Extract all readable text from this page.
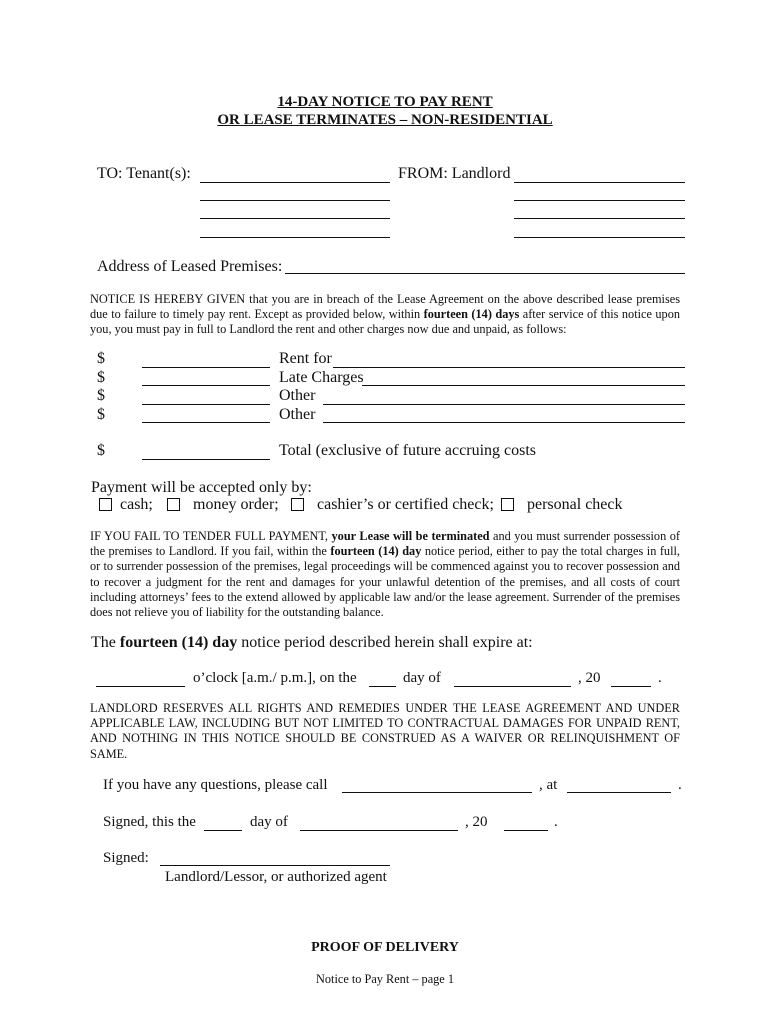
14-DAY NOTICE TO PAY RENT
OR LEASE TERMINATES – NON-RESIDENTIAL
TO: Tenant(s):	FROM: Landlord
Address of Leased Premises:
NOTICE IS HEREBY GIVEN that you are in breach of the Lease Agreement on the above described lease premises due to failure to timely pay rent. Except as provided below, within fourteen (14) days after service of this notice upon you, you must pay in full to Landlord the rent and other charges now due and unpaid, as follows:
$	Rent for
$	Late Charges
$	Other
$	Other
$	Total (exclusive of future accruing costs
Payment will be accepted only by:
cash;	money order; cashier’s or certified check; personal check
IF YOU FAIL TO TENDER FULL PAYMENT, your Lease will be terminated and you must surrender possession of the premises to Landlord. If you fail, within the fourteen (14) day notice period, either to pay the total charges in full, or to surrender possession of the premises, legal proceedings will be commenced against you to recover possession and to recover a judgment for the rent and damages for your unlawful detention of the premises, and all costs of court including attorneys’ fees to the extend allowed by applicable law and/or the lease agreement. Surrender of the premises does not relieve you of liability for the outstanding balance.
The fourteen (14) day notice period described herein shall expire at:
o’clock [a.m./ p.m.], on the	day of	, 20	.
LANDLORD RESERVES ALL RIGHTS AND REMEDIES UNDER THE LEASE AGREEMENT AND UNDER APPLICABLE LAW, INCLUDING BUT NOT LIMITED TO CONTRACTUAL DAMAGES FOR UNPAID RENT, AND NOTHING IN THIS NOTICE SHOULD BE CONSTRUED AS A WAIVER OR RELINQUISHMENT OF SAME.
If you have any questions, please call	, at	.
Signed, this the	day of	, 20	.
Signed:
Landlord/Lessor, or authorized agent
PROOF OF DELIVERY
Notice to Pay Rent – page 1
